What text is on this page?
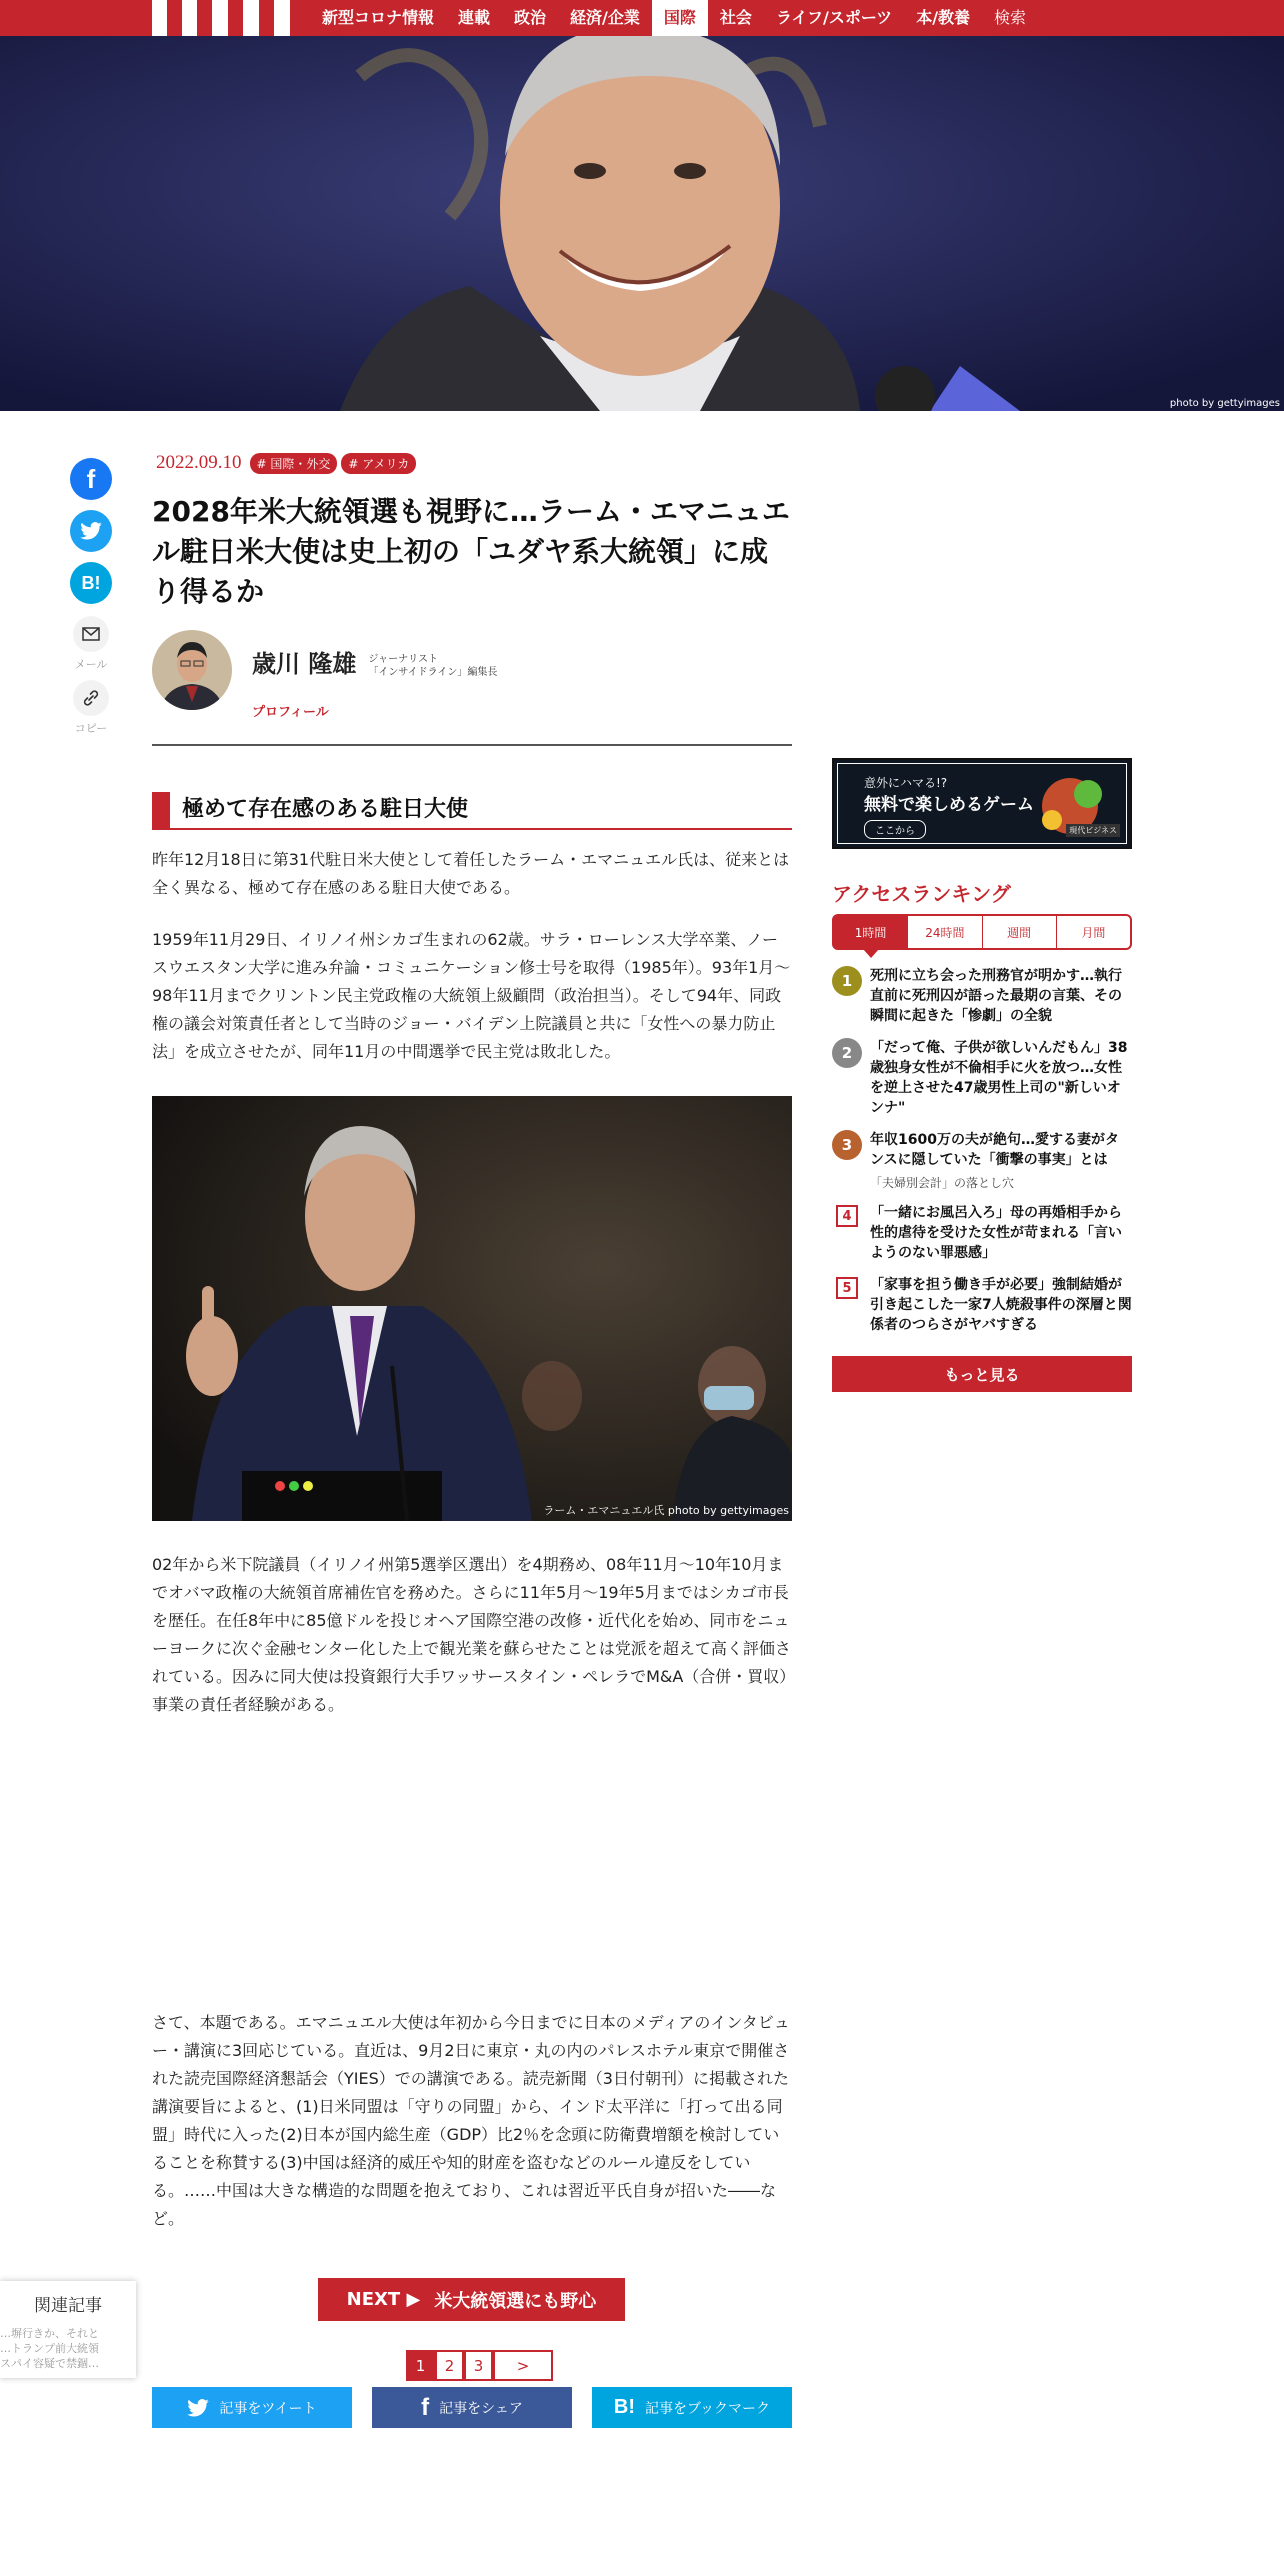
新型コロナ情報	連載	政治	経済/企業	国際	社会	ライフ/スポーツ	本/教養	検索
photo by gettyimages
f
B!
メール
コピー
2022.09.10	# 国際・外交	# アメリカ
2028年米大統領選も視野に…ラーム・エマニュエル駐日米大使は史上初の「ユダヤ系大統領」に成り得るか
歳川 隆雄 ジャーナリスト
「インサイドライン」編集長
プロフィール
極めて存在感のある駐日大使

昨年12月18日に第31代駐日米大使として着任したラーム・エマニュエル氏は、従来とは全く異なる、極めて存在感のある駐日大使である。

1959年11月29日、イリノイ州シカゴ生まれの62歳。サラ・ローレンス大学卒業、ノースウエスタン大学に進み弁論・コミュニケーション修士号を取得（1985年）。93年1月～98年11月までクリントン民主党政権の大統領上級顧問（政治担当）。そして94年、同政権の議会対策責任者として当時のジョー・バイデン上院議員と共に「女性への暴力防止法」を成立させたが、同年11月の中間選挙で民主党は敗北した。

ラーム・エマニュエル氏 photo by gettyimages

02年から米下院議員（イリノイ州第5選挙区選出）を4期務め、08年11月～10年10月までオバマ政権の大統領首席補佐官を務めた。さらに11年5月～19年5月まではシカゴ市長を歴任。在任8年中に85億ドルを投じオヘア国際空港の改修・近代化を始め、同市をニューヨークに次ぐ金融センター化した上で観光業を蘇らせたことは党派を超えて高く評価されている。因みに同大使は投資銀行大手ワッサースタイン・ペレラでM&A（合併・買収）事業の責任者経験がある。

さて、本題である。エマニュエル大使は年初から今日までに日本のメディアのインタビュー・講演に3回応じている。直近は、9月2日に東京・丸の内のパレスホテル東京で開催された読売国際経済懇話会（YIES）での講演である。読売新聞（3日付朝刊）に掲載された講演要旨によると、(1)日米同盟は「守りの同盟」から、インド太平洋に「打って出る同盟」時代に入った(2)日本が国内総生産（GDP）比2％を念頭に防衛費増額を検討していることを称賛する(3)中国は経済的威圧や知的財産を盗むなどのルール違反をしている。……中国は大きな構造的な問題を抱えており、これは習近平氏自身が招いた――など。

NEXT ▶ 米大統領選にも野心
1	2	3	>
記事をツイート	f 記事をシェア	B! 記事をブックマーク
関連記事
…塀行きか、それと
…トランプ前大統領
スパイ容疑で禁錮…
意外にハマる!?
無料で楽しめるゲーム
ここから	現代ビジネス
アクセスランキング
1時間	24時間	週間	月間
1	死刑に立ち会った刑務官が明かす…執行直前に死刑囚が語った最期の言葉、その瞬間に起きた「惨劇」の全貌
2	「だって俺、子供が欲しいんだもん」38歳独身女性が不倫相手に火を放つ…女性を逆上させた47歳男性上司の"新しいオンナ"
3	年収1600万の夫が絶句…愛する妻がタンスに隠していた「衝撃の事実」とは
「夫婦別会計」の落とし穴
4	「一緒にお風呂入ろ」母の再婚相手から性的虐待を受けた女性が苛まれる「言いようのない罪悪感」
5	「家事を担う働き手が必要」強制結婚が引き起こした一家7人焼殺事件の深層と関係者のつらさがヤバすぎる
もっと見る
